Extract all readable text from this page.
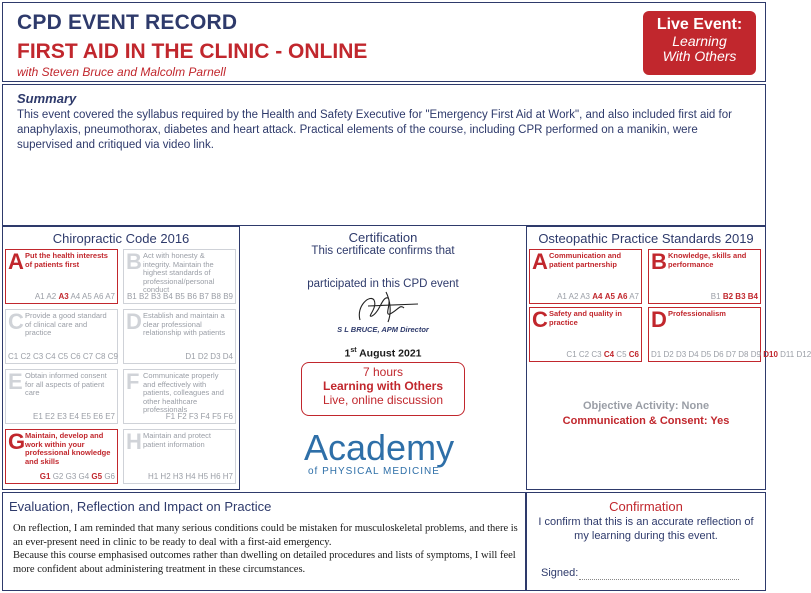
CPD EVENT RECORD
FIRST AID IN THE CLINIC - ONLINE
with Steven Bruce and Malcolm Parnell
Live Event:
Learning
With Others
Summary
This event covered the syllabus required by the Health and Safety Executive for "Emergency First Aid at Work", and also included first aid for anaphylaxis, pneumothorax, diabetes and heart attack. Practical elements of the course, including CPR performed on a manikin, were supervised and critiqued via video link.
Chiropractic Code 2016
A Put the health interests of patients first
A1 A2 A3 A4 A5 A6 A7
B Act with honesty & integrity. Maintain the highest standards of professional/personal conduct
B1 B2 B3 B4 B5 B6 B7 B8 B9
C Provide a good standard of clinical care and practice
C1 C2 C3 C4 C5 C6 C7 C8 C9
D Establish and maintain a clear professional relationship with patients
D1 D2 D3 D4
E Obtain informed consent for all aspects of patient care
E1 E2 E3 E4 E5 E6 E7
F Communicate properly and effectively with patients, colleagues and other healthcare professionals
F1 F2 F3 F4 F5 F6
G Maintain, develop and work within your professional knowledge and skills
G1 G2 G3 G4 G5 G6
H Maintain and protect patient information
H1 H2 H3 H4 H5 H6 H7
Certification
This certificate confirms that
participated in this CPD event
S L BRUCE, APM Director
1st August 2021
7 hours
Learning with Others
Live, online discussion
Academy
of PHYSICAL MEDICINE
Osteopathic Practice Standards 2019
A Communication and patient partnership
A1 A2 A3 A4 A5 A6 A7
B Knowledge, skills and performance
B1 B2 B3 B4
C Safety and quality in practice
C1 C2 C3 C4 C5 C6
D Professionalism
D1 D2 D3 D4 D5 D6 D7 D8 D9 D10 D11 D12
Objective Activity: None
Communication & Consent: Yes
Evaluation, Reflection and Impact on Practice
On reflection, I am reminded that many serious conditions could be mistaken for musculoskeletal problems, and there is an ever-present need in clinic to be ready to deal with a first-aid emergency.
Because this course emphasised outcomes rather than dwelling on detailed procedures and lists of symptoms, I will feel more confident about administering treatment in these circumstances.
Confirmation
I confirm that this is an accurate reflection of my learning during this event.
Signed:
